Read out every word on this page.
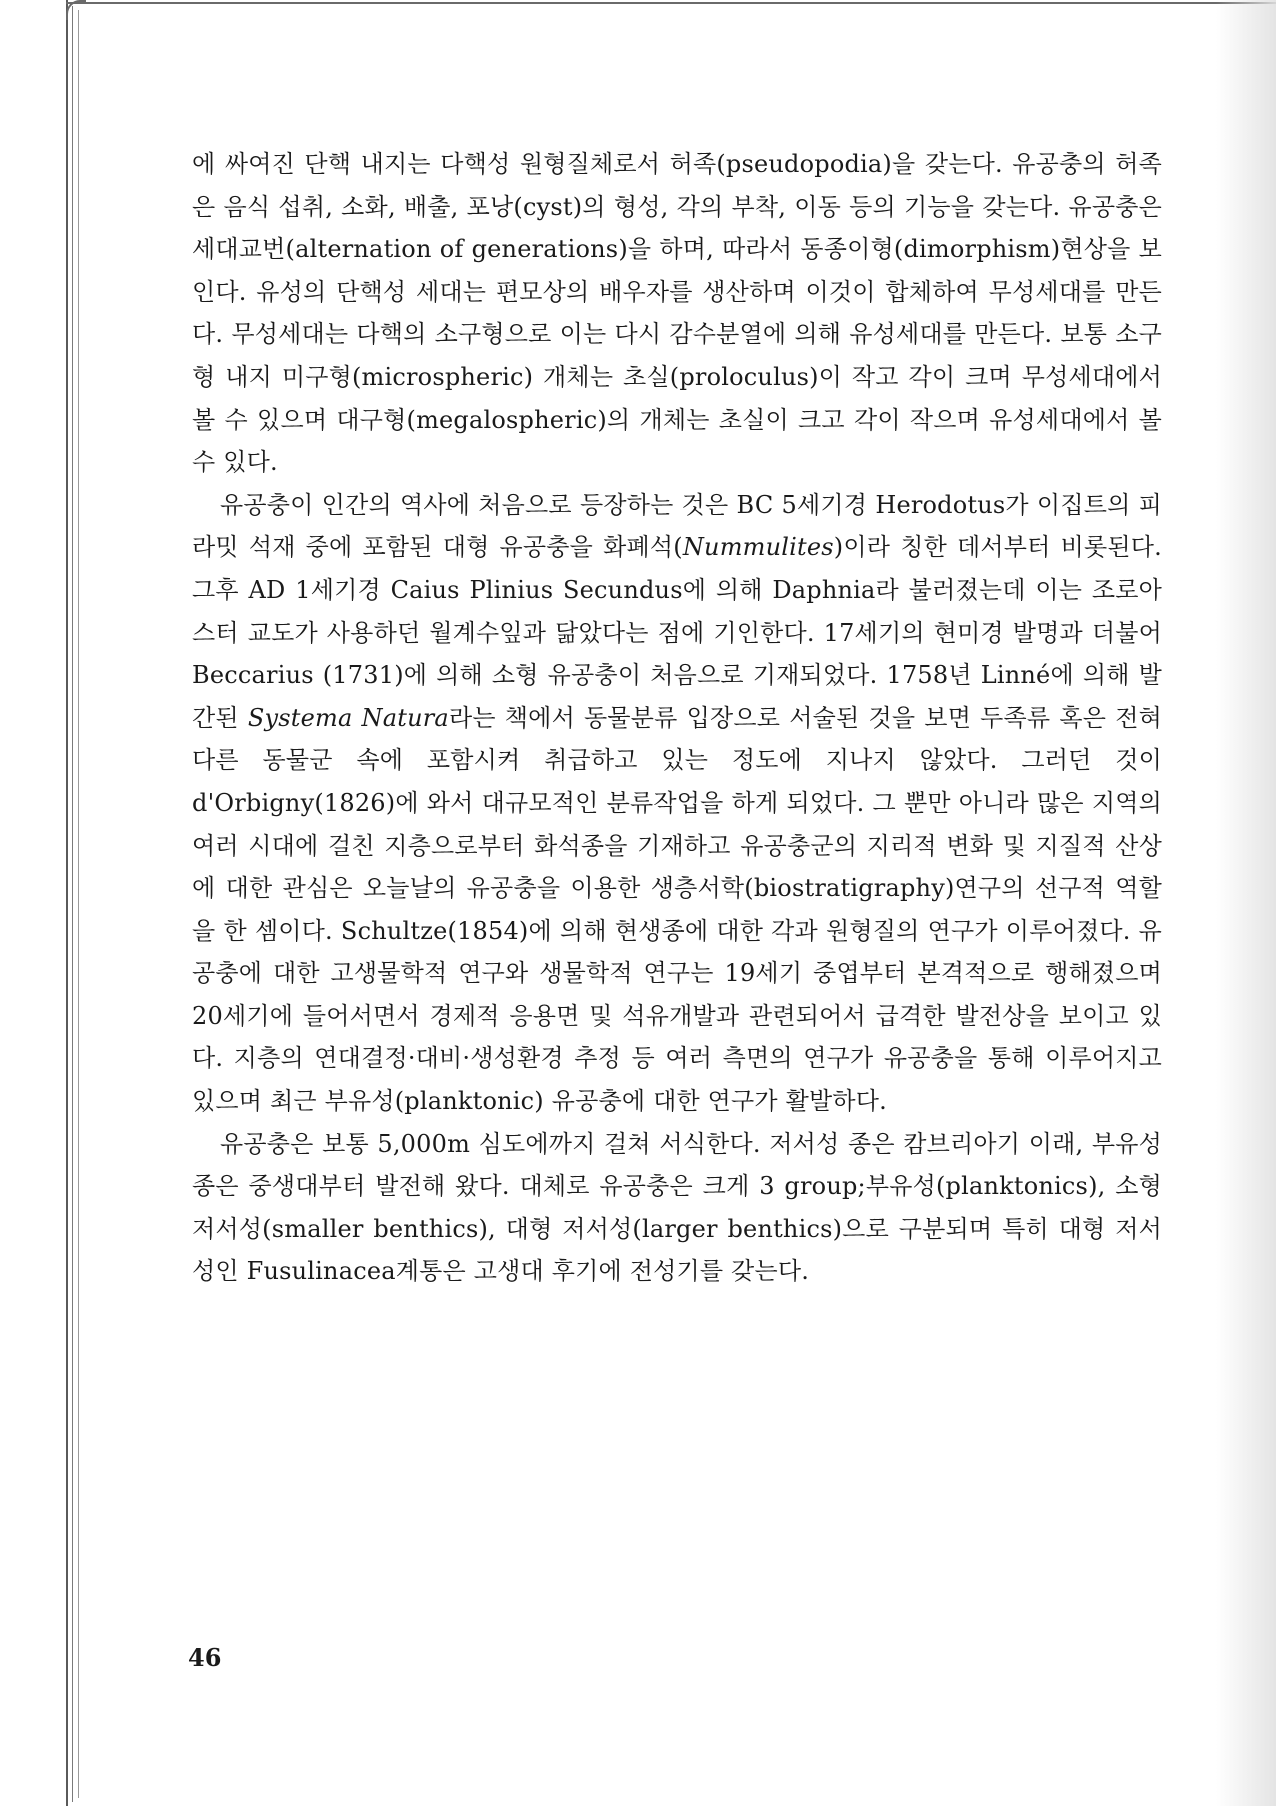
에 싸여진 단핵 내지는 다핵성 원형질체로서 허족(pseudopodia)을 갖는다. 유공충의 허족은 음식 섭취, 소화, 배출, 포낭(cyst)의 형성, 각의 부착, 이동 등의 기능을 갖는다. 유공충은 세대교번(alternation of generations)을 하며, 따라서 동종이형(dimorphism)현상을 보인다. 유성의 단핵성 세대는 편모상의 배우자를 생산하며 이것이 합체하여 무성세대를 만든다. 무성세대는 다핵의 소구형으로 이는 다시 감수분열에 의해 유성세대를 만든다. 보통 소구형 내지 미구형(microspheric) 개체는 초실(proloculus)이 작고 각이 크며 무성세대에서 볼 수 있으며 대구형(megalospheric)의 개체는 초실이 크고 각이 작으며 유성세대에서 볼 수 있다.

유공충이 인간의 역사에 처음으로 등장하는 것은 BC 5세기경 Herodotus가 이집트의 피라밋 석재 중에 포함된 대형 유공충을 화폐석(Nummulites)이라 칭한 데서부터 비롯된다. 그후 AD 1세기경 Caius Plinius Secundus에 의해 Daphnia라 불러졌는데 이는 조로아스터 교도가 사용하던 월계수잎과 닮았다는 점에 기인한다. 17세기의 현미경 발명과 더불어 Beccarius (1731)에 의해 소형 유공충이 처음으로 기재되었다. 1758년 Linné에 의해 발간된 Systema Natura라는 책에서 동물분류 입장으로 서술된 것을 보면 두족류 혹은 전혀 다른 동물군 속에 포함시켜 취급하고 있는 정도에 지나지 않았다. 그러던 것이 d'Orbigny(1826)에 와서 대규모적인 분류작업을 하게 되었다. 그 뿐만 아니라 많은 지역의 여러 시대에 걸친 지층으로부터 화석종을 기재하고 유공충군의 지리적 변화 및 지질적 산상에 대한 관심은 오늘날의 유공충을 이용한 생층서학(biostratigraphy)연구의 선구적 역할을 한 셈이다. Schultze(1854)에 의해 현생종에 대한 각과 원형질의 연구가 이루어졌다. 유공충에 대한 고생물학적 연구와 생물학적 연구는 19세기 중엽부터 본격적으로 행해졌으며 20세기에 들어서면서 경제적 응용면 및 석유개발과 관련되어서 급격한 발전상을 보이고 있다. 지층의 연대결정·대비·생성환경 추정 등 여러 측면의 연구가 유공충을 통해 이루어지고 있으며 최근 부유성(planktonic) 유공충에 대한 연구가 활발하다.

유공충은 보통 5,000m 심도에까지 걸쳐 서식한다. 저서성 종은 캄브리아기 이래, 부유성 종은 중생대부터 발전해 왔다. 대체로 유공충은 크게 3 group;부유성(planktonics), 소형 저서성(smaller benthics), 대형 저서성(larger benthics)으로 구분되며 특히 대형 저서성인 Fusulinacea계통은 고생대 후기에 전성기를 갖는다.

46
